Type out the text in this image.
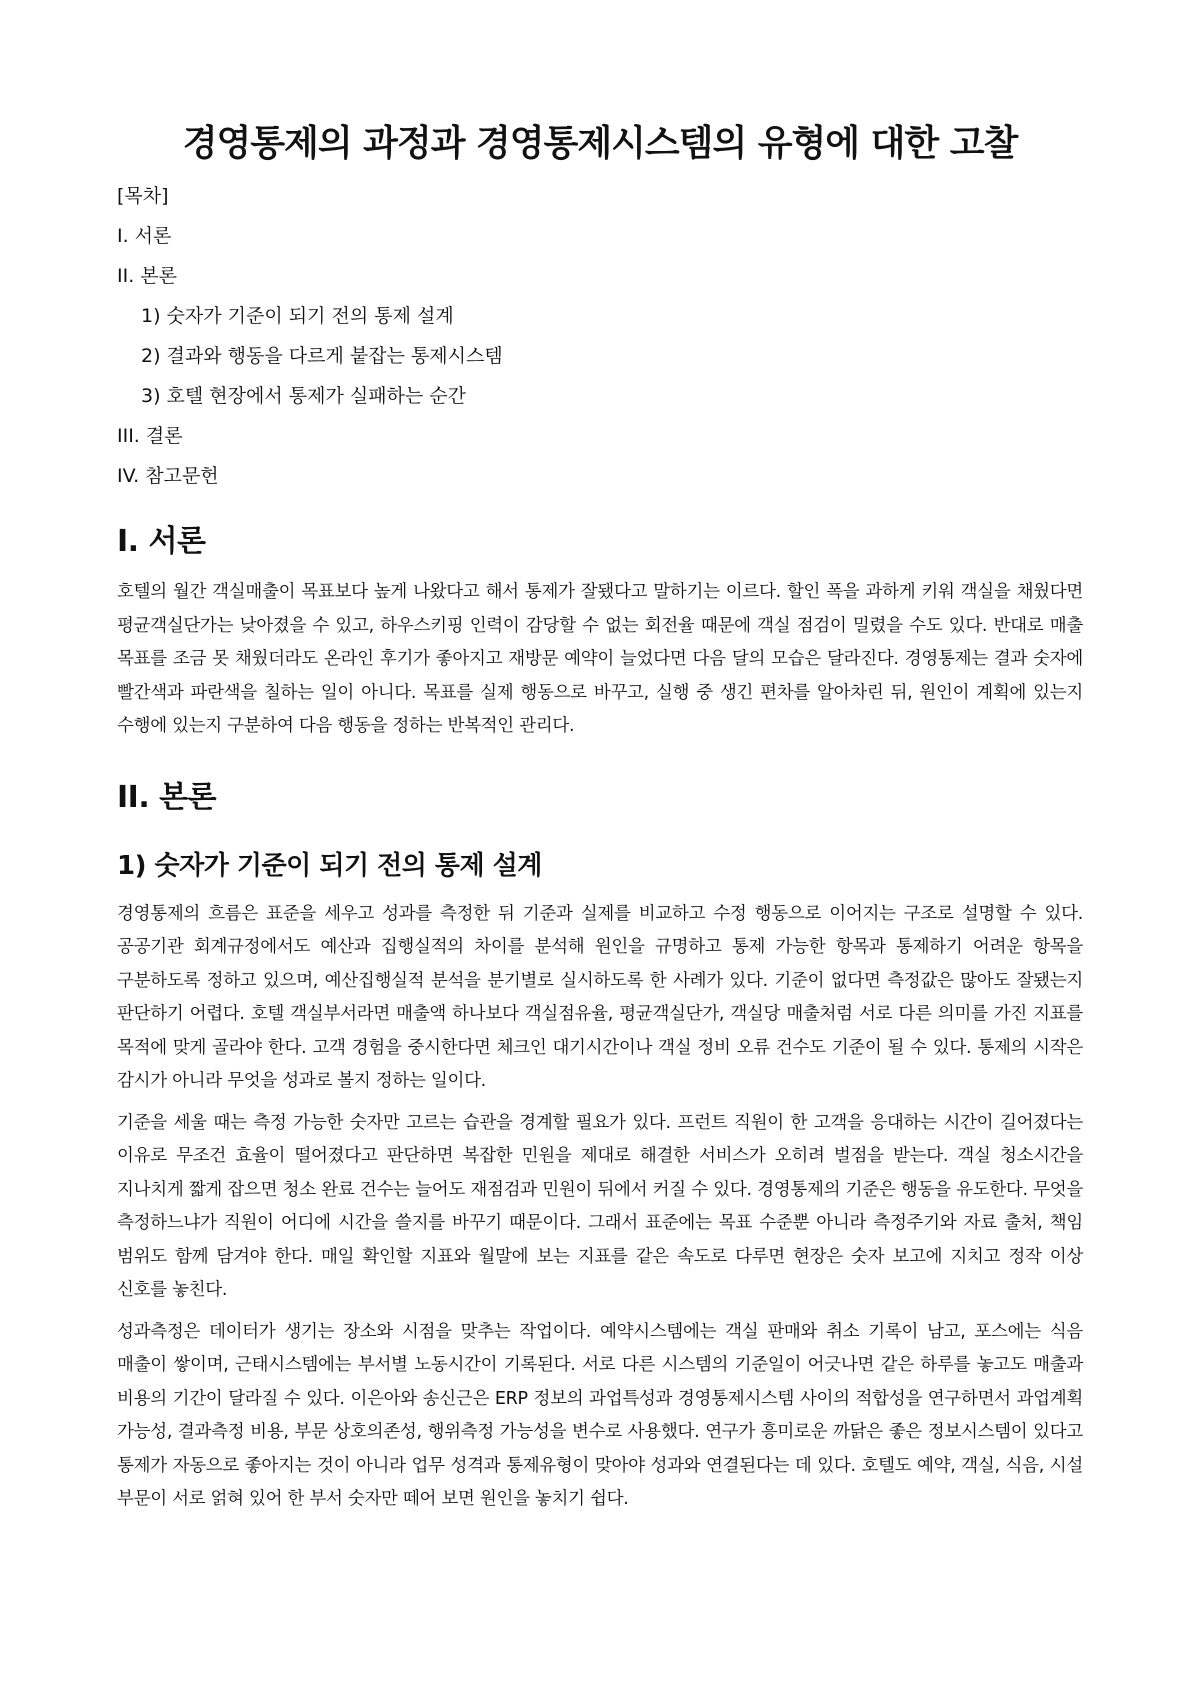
경영통제의 과정과 경영통제시스템의 유형에 대한 고찰

[목차]

I. 서론

II. 본론

1) 숫자가 기준이 되기 전의 통제 설계

2) 결과와 행동을 다르게 붙잡는 통제시스템

3) 호텔 현장에서 통제가 실패하는 순간

III. 결론

IV. 참고문헌

I. 서론

호텔의 월간 객실매출이 목표보다 높게 나왔다고 해서 통제가 잘됐다고 말하기는 이르다. 할인 폭을 과하게 키워 객실을 채웠다면 평균객실단가는 낮아졌을 수 있고, 하우스키핑 인력이 감당할 수 없는 회전율 때문에 객실 점검이 밀렸을 수도 있다. 반대로 매출 목표를 조금 못 채웠더라도 온라인 후기가 좋아지고 재방문 예약이 늘었다면 다음 달의 모습은 달라진다. 경영통제는 결과 숫자에 빨간색과 파란색을 칠하는 일이 아니다. 목표를 실제 행동으로 바꾸고, 실행 중 생긴 편차를 알아차린 뒤, 원인이 계획에 있는지 수행에 있는지 구분하여 다음 행동을 정하는 반복적인 관리다.

II. 본론
1) 숫자가 기준이 되기 전의 통제 설계

경영통제의 흐름은 표준을 세우고 성과를 측정한 뒤 기준과 실제를 비교하고 수정 행동으로 이어지는 구조로 설명할 수 있다. 공공기관 회계규정에서도 예산과 집행실적의 차이를 분석해 원인을 규명하고 통제 가능한 항목과 통제하기 어려운 항목을 구분하도록 정하고 있으며, 예산집행실적 분석을 분기별로 실시하도록 한 사례가 있다. 기준이 없다면 측정값은 많아도 잘됐는지 판단하기 어렵다. 호텔 객실부서라면 매출액 하나보다 객실점유율, 평균객실단가, 객실당 매출처럼 서로 다른 의미를 가진 지표를 목적에 맞게 골라야 한다. 고객 경험을 중시한다면 체크인 대기시간이나 객실 정비 오류 건수도 기준이 될 수 있다. 통제의 시작은 감시가 아니라 무엇을 성과로 볼지 정하는 일이다.

기준을 세울 때는 측정 가능한 숫자만 고르는 습관을 경계할 필요가 있다. 프런트 직원이 한 고객을 응대하는 시간이 길어졌다는 이유로 무조건 효율이 떨어졌다고 판단하면 복잡한 민원을 제대로 해결한 서비스가 오히려 벌점을 받는다. 객실 청소시간을 지나치게 짧게 잡으면 청소 완료 건수는 늘어도 재점검과 민원이 뒤에서 커질 수 있다. 경영통제의 기준은 행동을 유도한다. 무엇을 측정하느냐가 직원이 어디에 시간을 쓸지를 바꾸기 때문이다. 그래서 표준에는 목표 수준뿐 아니라 측정주기와 자료 출처, 책임 범위도 함께 담겨야 한다. 매일 확인할 지표와 월말에 보는 지표를 같은 속도로 다루면 현장은 숫자 보고에 지치고 정작 이상 신호를 놓친다.

성과측정은 데이터가 생기는 장소와 시점을 맞추는 작업이다. 예약시스템에는 객실 판매와 취소 기록이 남고, 포스에는 식음 매출이 쌓이며, 근태시스템에는 부서별 노동시간이 기록된다. 서로 다른 시스템의 기준일이 어긋나면 같은 하루를 놓고도 매출과 비용의 기간이 달라질 수 있다. 이은아와 송신근은 ERP 정보의 과업특성과 경영통제시스템 사이의 적합성을 연구하면서 과업계획 가능성, 결과측정 비용, 부문 상호의존성, 행위측정 가능성을 변수로 사용했다. 연구가 흥미로운 까닭은 좋은 정보시스템이 있다고 통제가 자동으로 좋아지는 것이 아니라 업무 성격과 통제유형이 맞아야 성과와 연결된다는 데 있다. 호텔도 예약, 객실, 식음, 시설 부문이 서로 얽혀 있어 한 부서 숫자만 떼어 보면 원인을 놓치기 쉽다.
